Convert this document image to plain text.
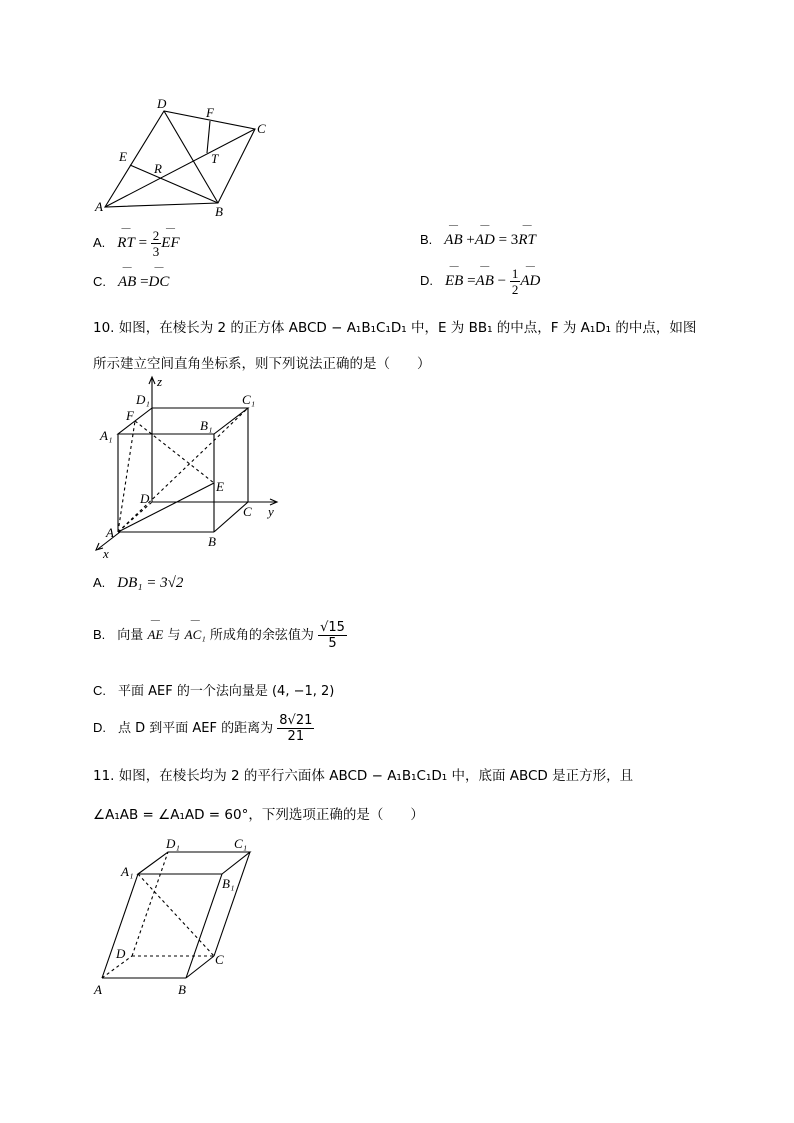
D
F
C
E
R
T
A	B
A. ― RT = $\frac{2}{3}$ ― EF	B. ― AB +― AD = 3― RT
C. ― AB =― DC	D. ― EB =― AB − $\frac{1}{2}$ ― AD
10. 如图，在棱长为 2 的正方体 ABCD − A₁B₁C₁D₁ 中，E 为 BB₁ 的中点，F 为 A₁D₁ 的中点，如图
所示建立空间直角坐标系，则下列说法正确的是（　　）
z
y
x
D₁	C₁
F
A₁
B₁
D
E
C
A
B
A. DB₁ = 3√2
B. 向量 ― AE 与 ― AC₁ 所成角的余弦值为 $\frac{√15}{5}$
C. 平面 AEF 的一个法向量是 (4, −1, 2)
D. 点 D 到平面 AEF 的距离为 $\frac{8√21}{21}$
11. 如图，在棱长均为 2 的平行六面体 ABCD − A₁B₁C₁D₁ 中，底面 ABCD 是正方形，且
∠A₁AB = ∠A₁AD = 60°，下列选项正确的是（　　）
D₁	C₁
A₁
B₁
D	C
A	B
